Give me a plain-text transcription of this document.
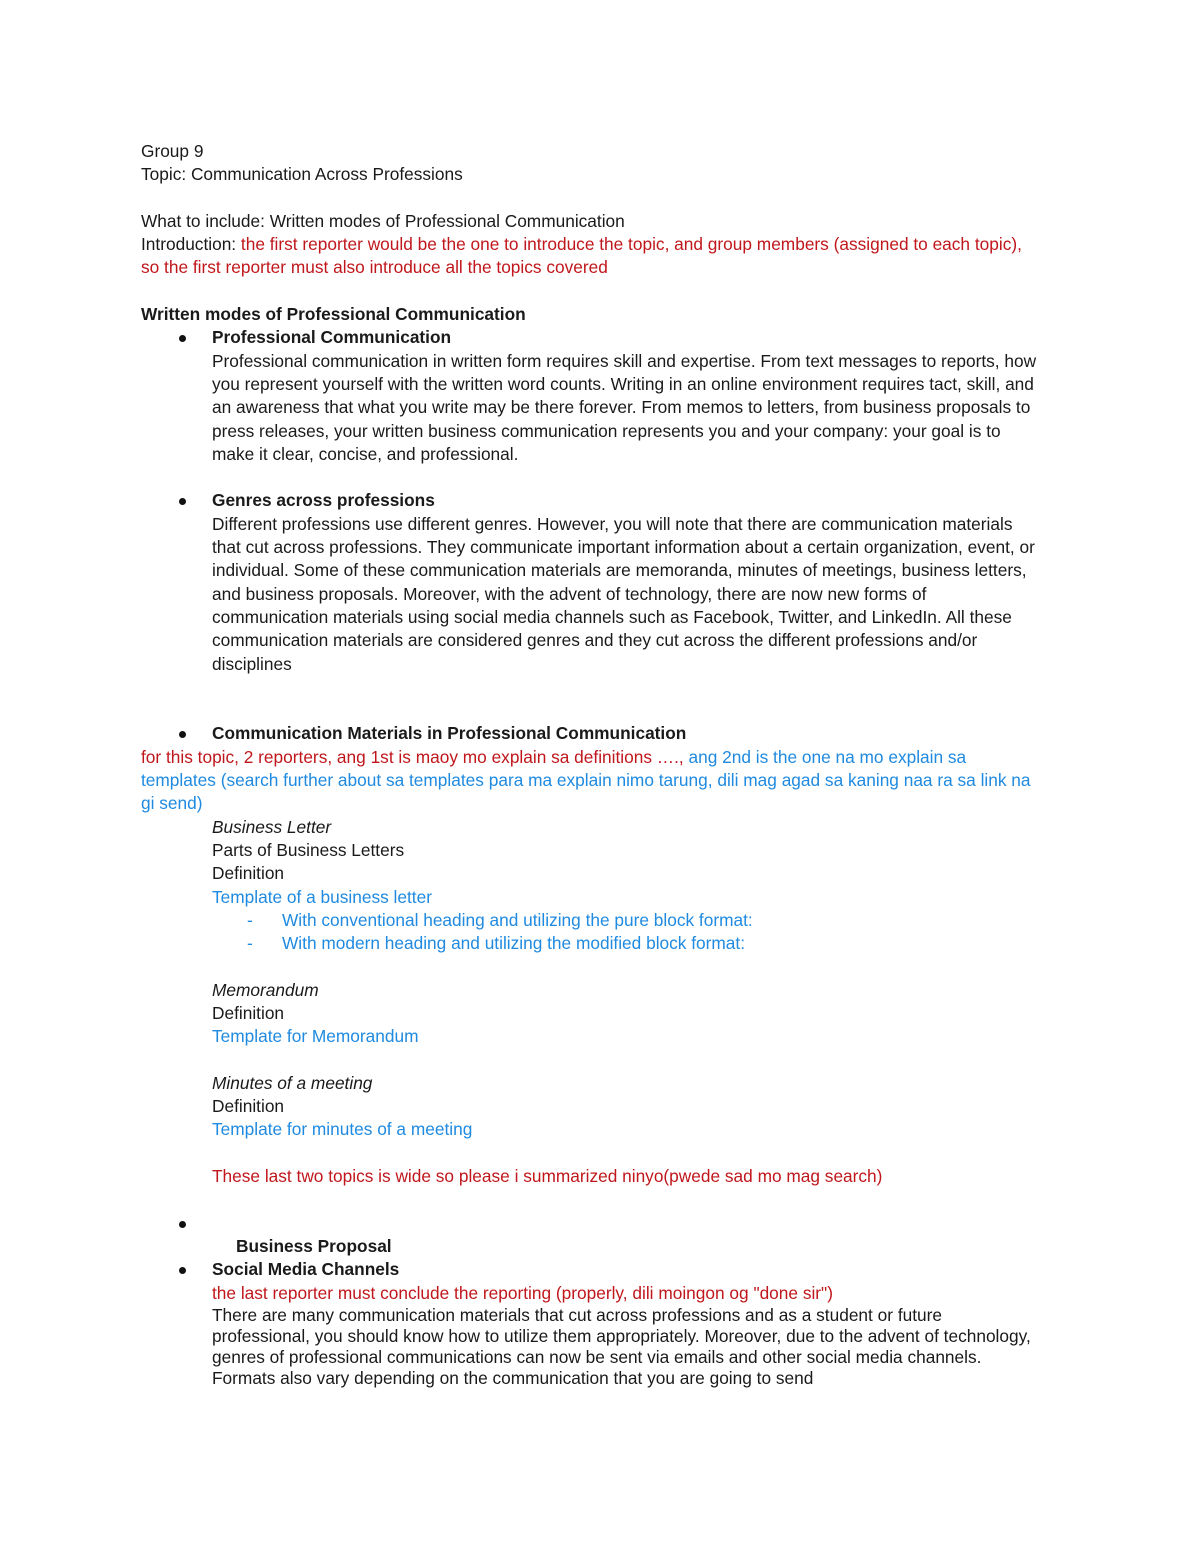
Group 9
Topic: Communication Across Professions
What to include: Written modes of Professional Communication
Introduction: the first reporter would be the one to introduce the topic, and group members (assigned to each topic),
so the first reporter must also introduce all the topics covered
Written modes of Professional Communication
Professional Communication
Professional communication in written form requires skill and expertise. From text messages to reports, how
you represent yourself with the written word counts. Writing in an online environment requires tact, skill, and
an awareness that what you write may be there forever. From memos to letters, from business proposals to
press releases, your written business communication represents you and your company: your goal is to
make it clear, concise, and professional.
Genres across professions
Different professions use different genres. However, you will note that there are communication materials
that cut across professions. They communicate important information about a certain organization, event, or
individual. Some of these communication materials are memoranda, minutes of meetings, business letters,
and business proposals. Moreover, with the advent of technology, there are now new forms of
communication materials using social media channels such as Facebook, Twitter, and LinkedIn. All these
communication materials are considered genres and they cut across the different professions and/or
disciplines
Communication Materials in Professional Communication
for this topic, 2 reporters, ang 1st is maoy mo explain sa definitions …., ang 2nd is the one na mo explain sa
templates (search further about sa templates para ma explain nimo tarung, dili mag agad sa kaning naa ra sa link na
gi send)
Business Letter
Parts of Business Letters
Definition
Template of a business letter
- With conventional heading and utilizing the pure block format:
- With modern heading and utilizing the modified block format:
Memorandum
Definition
Template for Memorandum
Minutes of a meeting
Definition
Template for minutes of a meeting
These last two topics is wide so please i summarized ninyo(pwede sad mo mag search)

Business Proposal

Social Media Channels
the last reporter must conclude the reporting (properly, dili moingon og "done sir")
There are many communication materials that cut across professions and as a student or future
professional, you should know how to utilize them appropriately. Moreover, due to the advent of technology,
genres of professional communications can now be sent via emails and other social media channels.
Formats also vary depending on the communication that you are going to send
